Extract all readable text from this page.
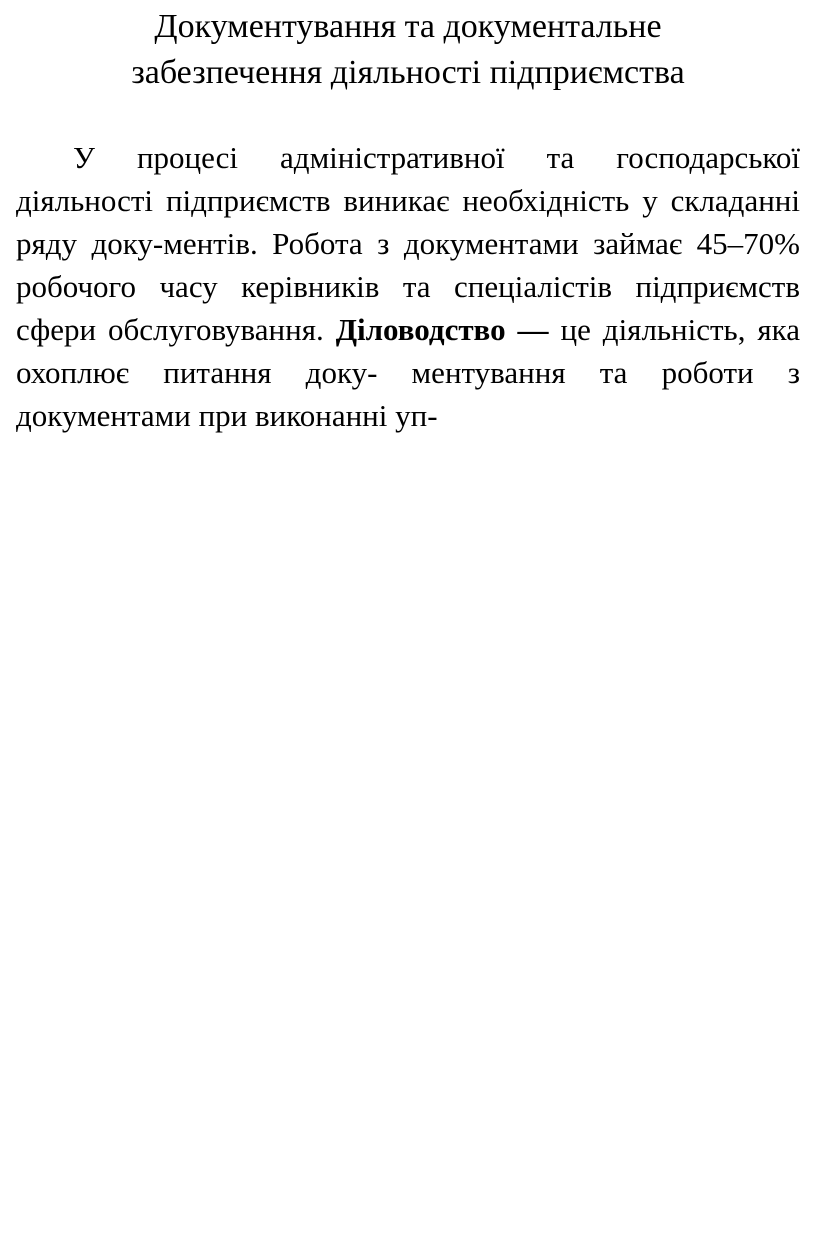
Документування та документальне
забезпечення діяльності підприємства

У процесі адміністративної та господарської діяльності підприємств виникає необхідність у складанні ряду доку-ментів. Робота з документами займає 45–70% робочого часу керівників та спеціалістів підприємств сфери обслуговування. Діловодство — це діяльність, яка охоплює питання доку- ментування та роботи з документами при виконанні уп-
